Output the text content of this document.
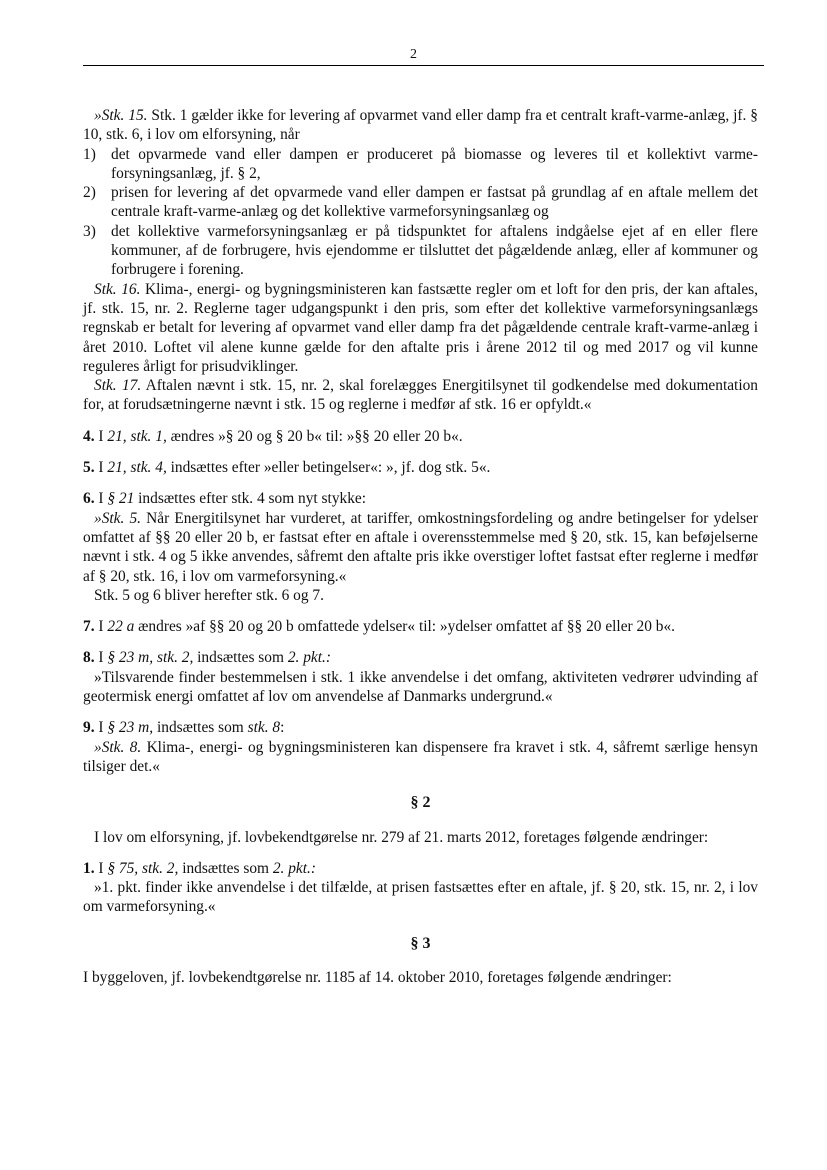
2

»Stk. 15. Stk. 1 gælder ikke for levering af opvarmet vand eller damp fra et centralt kraft-varme-anlæg, jf. § 10, stk. 6, i lov om elforsyning, når

1) det opvarmede vand eller dampen er produceret på biomasse og leveres til et kollektivt varme-forsyningsanlæg, jf. § 2,

2) prisen for levering af det opvarmede vand eller dampen er fastsat på grundlag af en aftale mellem det centrale kraft-varme-anlæg og det kollektive varmeforsyningsanlæg og

3) det kollektive varmeforsyningsanlæg er på tidspunktet for aftalens indgåelse ejet af en eller flere kommuner, af de forbrugere, hvis ejendomme er tilsluttet det pågældende anlæg, eller af kommuner og forbrugere i forening.

Stk. 16. Klima-, energi- og bygningsministeren kan fastsætte regler om et loft for den pris, der kan aftales, jf. stk. 15, nr. 2. Reglerne tager udgangspunkt i den pris, som efter det kollektive varmeforsyningsanlægs regnskab er betalt for levering af opvarmet vand eller damp fra det pågældende centrale kraft-varme-anlæg i året 2010. Loftet vil alene kunne gælde for den aftalte pris i årene 2012 til og med 2017 og vil kunne reguleres årligt for prisudviklinger.

Stk. 17. Aftalen nævnt i stk. 15, nr. 2, skal forelægges Energitilsynet til godkendelse med dokumentation for, at forudsætningerne nævnt i stk. 15 og reglerne i medfør af stk. 16 er opfyldt.«

4. I 21, stk. 1, ændres »§ 20 og § 20 b« til: »§§ 20 eller 20 b«.

5. I 21, stk. 4, indsættes efter »eller betingelser«: », jf. dog stk. 5«.

6. I § 21 indsættes efter stk. 4 som nyt stykke:

»Stk. 5. Når Energitilsynet har vurderet, at tariffer, omkostningsfordeling og andre betingelser for ydelser omfattet af §§ 20 eller 20 b, er fastsat efter en aftale i overensstemmelse med § 20, stk. 15, kan beføjelserne nævnt i stk. 4 og 5 ikke anvendes, såfremt den aftalte pris ikke overstiger loftet fastsat efter reglerne i medfør af § 20, stk. 16, i lov om varmeforsyning.«

Stk. 5 og 6 bliver herefter stk. 6 og 7.

7. I 22 a ændres »af §§ 20 og 20 b omfattede ydelser« til: »ydelser omfattet af §§ 20 eller 20 b«.

8. I § 23 m, stk. 2, indsættes som 2. pkt.:

»Tilsvarende finder bestemmelsen i stk. 1 ikke anvendelse i det omfang, aktiviteten vedrører udvinding af geotermisk energi omfattet af lov om anvendelse af Danmarks undergrund.«

9. I § 23 m, indsættes som stk. 8:

»Stk. 8. Klima-, energi- og bygningsministeren kan dispensere fra kravet i stk. 4, såfremt særlige hensyn tilsiger det.«

§ 2

I lov om elforsyning, jf. lovbekendtgørelse nr. 279 af 21. marts 2012, foretages følgende ændringer:

1. I § 75, stk. 2, indsættes som 2. pkt.:

»1. pkt. finder ikke anvendelse i det tilfælde, at prisen fastsættes efter en aftale, jf. § 20, stk. 15, nr. 2, i lov om varmeforsyning.«

§ 3

I byggeloven, jf. lovbekendtgørelse nr. 1185 af 14. oktober 2010, foretages følgende ændringer:
